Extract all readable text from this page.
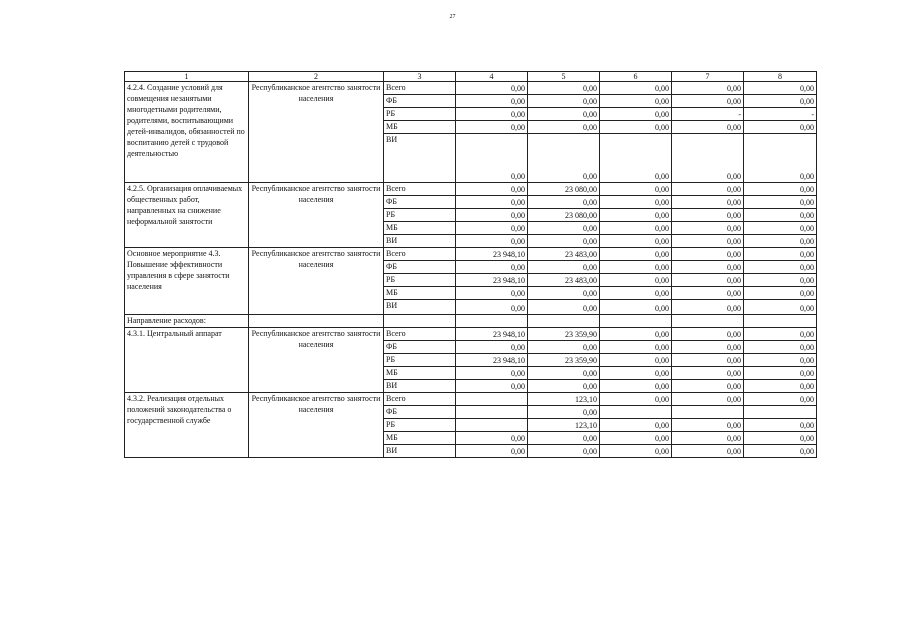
27
1	2	3	4	5	6	7	8
4.2.4. Создание условий для совмещения незанятыми многодетными родителями, родителями, воспитывающими детей-инвалидов, обязанностей по воспитанию детей с трудовой деятельностью	Республиканское агентство занятости населения	Всего	0,00	0,00	0,00	0,00	0,00
		ФБ	0,00	0,00	0,00	0,00	0,00
		РБ	0,00	0,00	0,00	-	-
		МБ	0,00	0,00	0,00	0,00	0,00
		ВИ	0,00	0,00	0,00	0,00	0,00
4.2.5. Организация оплачиваемых общественных работ, направленных на снижение неформальной занятости	Республиканское агентство занятости населения	Всего	0,00	23 080,00	0,00	0,00	0,00
		ФБ	0,00	0,00	0,00	0,00	0,00
		РБ	0,00	23 080,00	0,00	0,00	0,00
		МБ	0,00	0,00	0,00	0,00	0,00
		ВИ	0,00	0,00	0,00	0,00	0,00
Основное мероприятие 4.3. Повышение эффективности управления в сфере занятости населения	Республиканское агентство занятости населения	Всего	23 948,10	23 483,00	0,00	0,00	0,00
		ФБ	0,00	0,00	0,00	0,00	0,00
		РБ	23 948,10	23 483,00	0,00	0,00	0,00
		МБ	0,00	0,00	0,00	0,00	0,00
		ВИ	0,00	0,00	0,00	0,00	0,00
Направление расходов:							
4.3.1. Центральный аппарат	Республиканское агентство занятости населения	Всего	23 948,10	23 359,90	0,00	0,00	0,00
		ФБ	0,00	0,00	0,00	0,00	0,00
		РБ	23 948,10	23 359,90	0,00	0,00	0,00
		МБ	0,00	0,00	0,00	0,00	0,00
		ВИ	0,00	0,00	0,00	0,00	0,00
4.3.2. Реализация отдельных положений законодательства о государственной службе	Республиканское агентство занятости населения	Всего		123,10	0,00	0,00	0,00
		ФБ		0,00			
		РБ		123,10	0,00	0,00	0,00
		МБ	0,00	0,00	0,00	0,00	0,00
		ВИ	0,00	0,00	0,00	0,00	0,00
